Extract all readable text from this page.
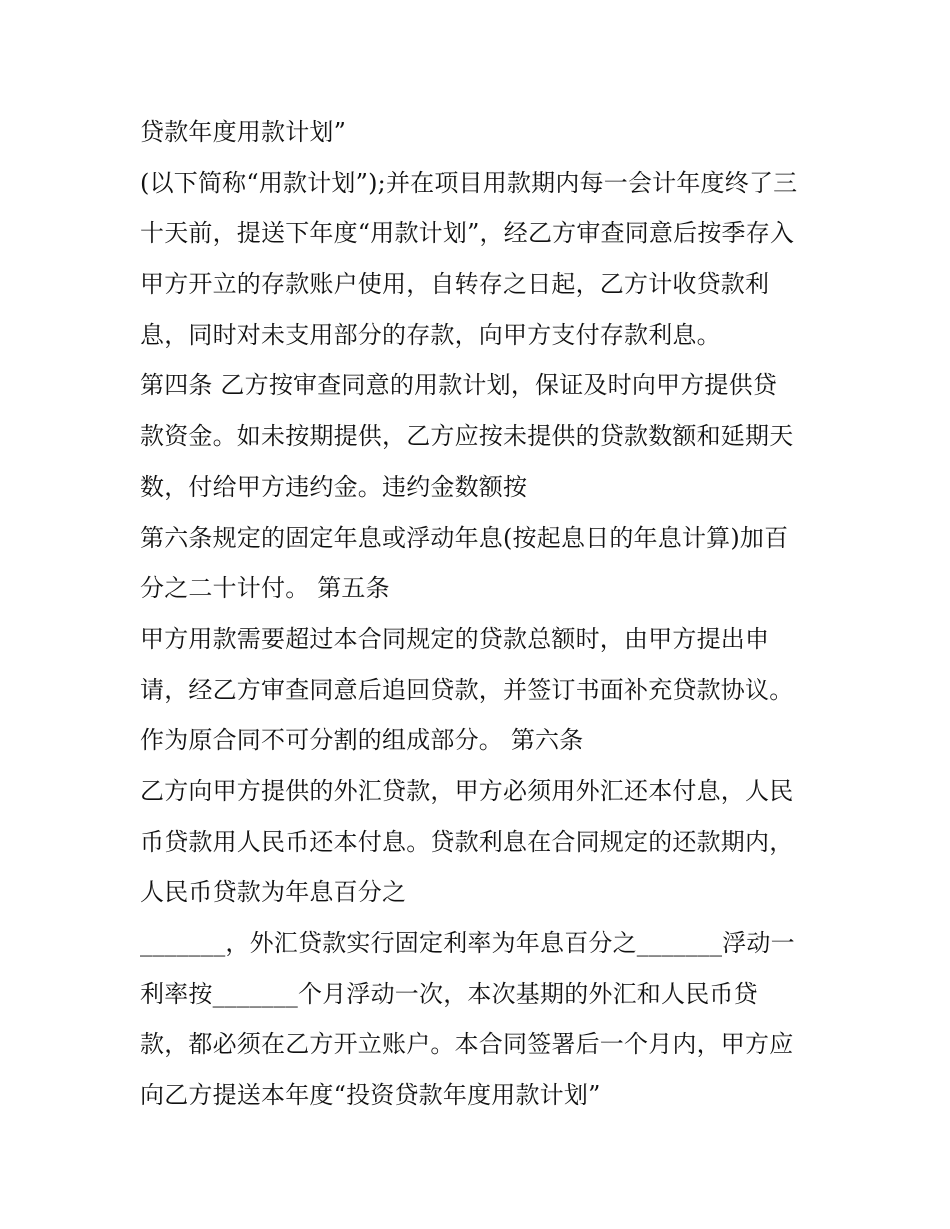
贷款年度用款计划”
(以下简称“用款计划”);并在项目用款期内每一会计年度终了三
十天前，提送下年度“用款计划”，经乙方审查同意后按季存入
甲方开立的存款账户使用，自转存之日起，乙方计收贷款利
息，同时对未支用部分的存款，向甲方支付存款利息。
第四条 乙方按审查同意的用款计划，保证及时向甲方提供贷
款资金。如未按期提供，乙方应按未提供的贷款数额和延期天
数，付给甲方违约金。违约金数额按
第六条规定的固定年息或浮动年息(按起息日的年息计算)加百
分之二十计付。 第五条
甲方用款需要超过本合同规定的贷款总额时，由甲方提出申
请，经乙方审查同意后追回贷款，并签订书面补充贷款协议。
作为原合同不可分割的组成部分。 第六条
乙方向甲方提供的外汇贷款，甲方必须用外汇还本付息，人民
币贷款用人民币还本付息。贷款利息在合同规定的还款期内，
人民币贷款为年息百分之
_______，外汇贷款实行固定利率为年息百分之_______浮动一
利率按_______个月浮动一次，本次基期的外汇和人民币贷
款，都必须在乙方开立账户。本合同签署后一个月内，甲方应
向乙方提送本年度“投资贷款年度用款计划”
